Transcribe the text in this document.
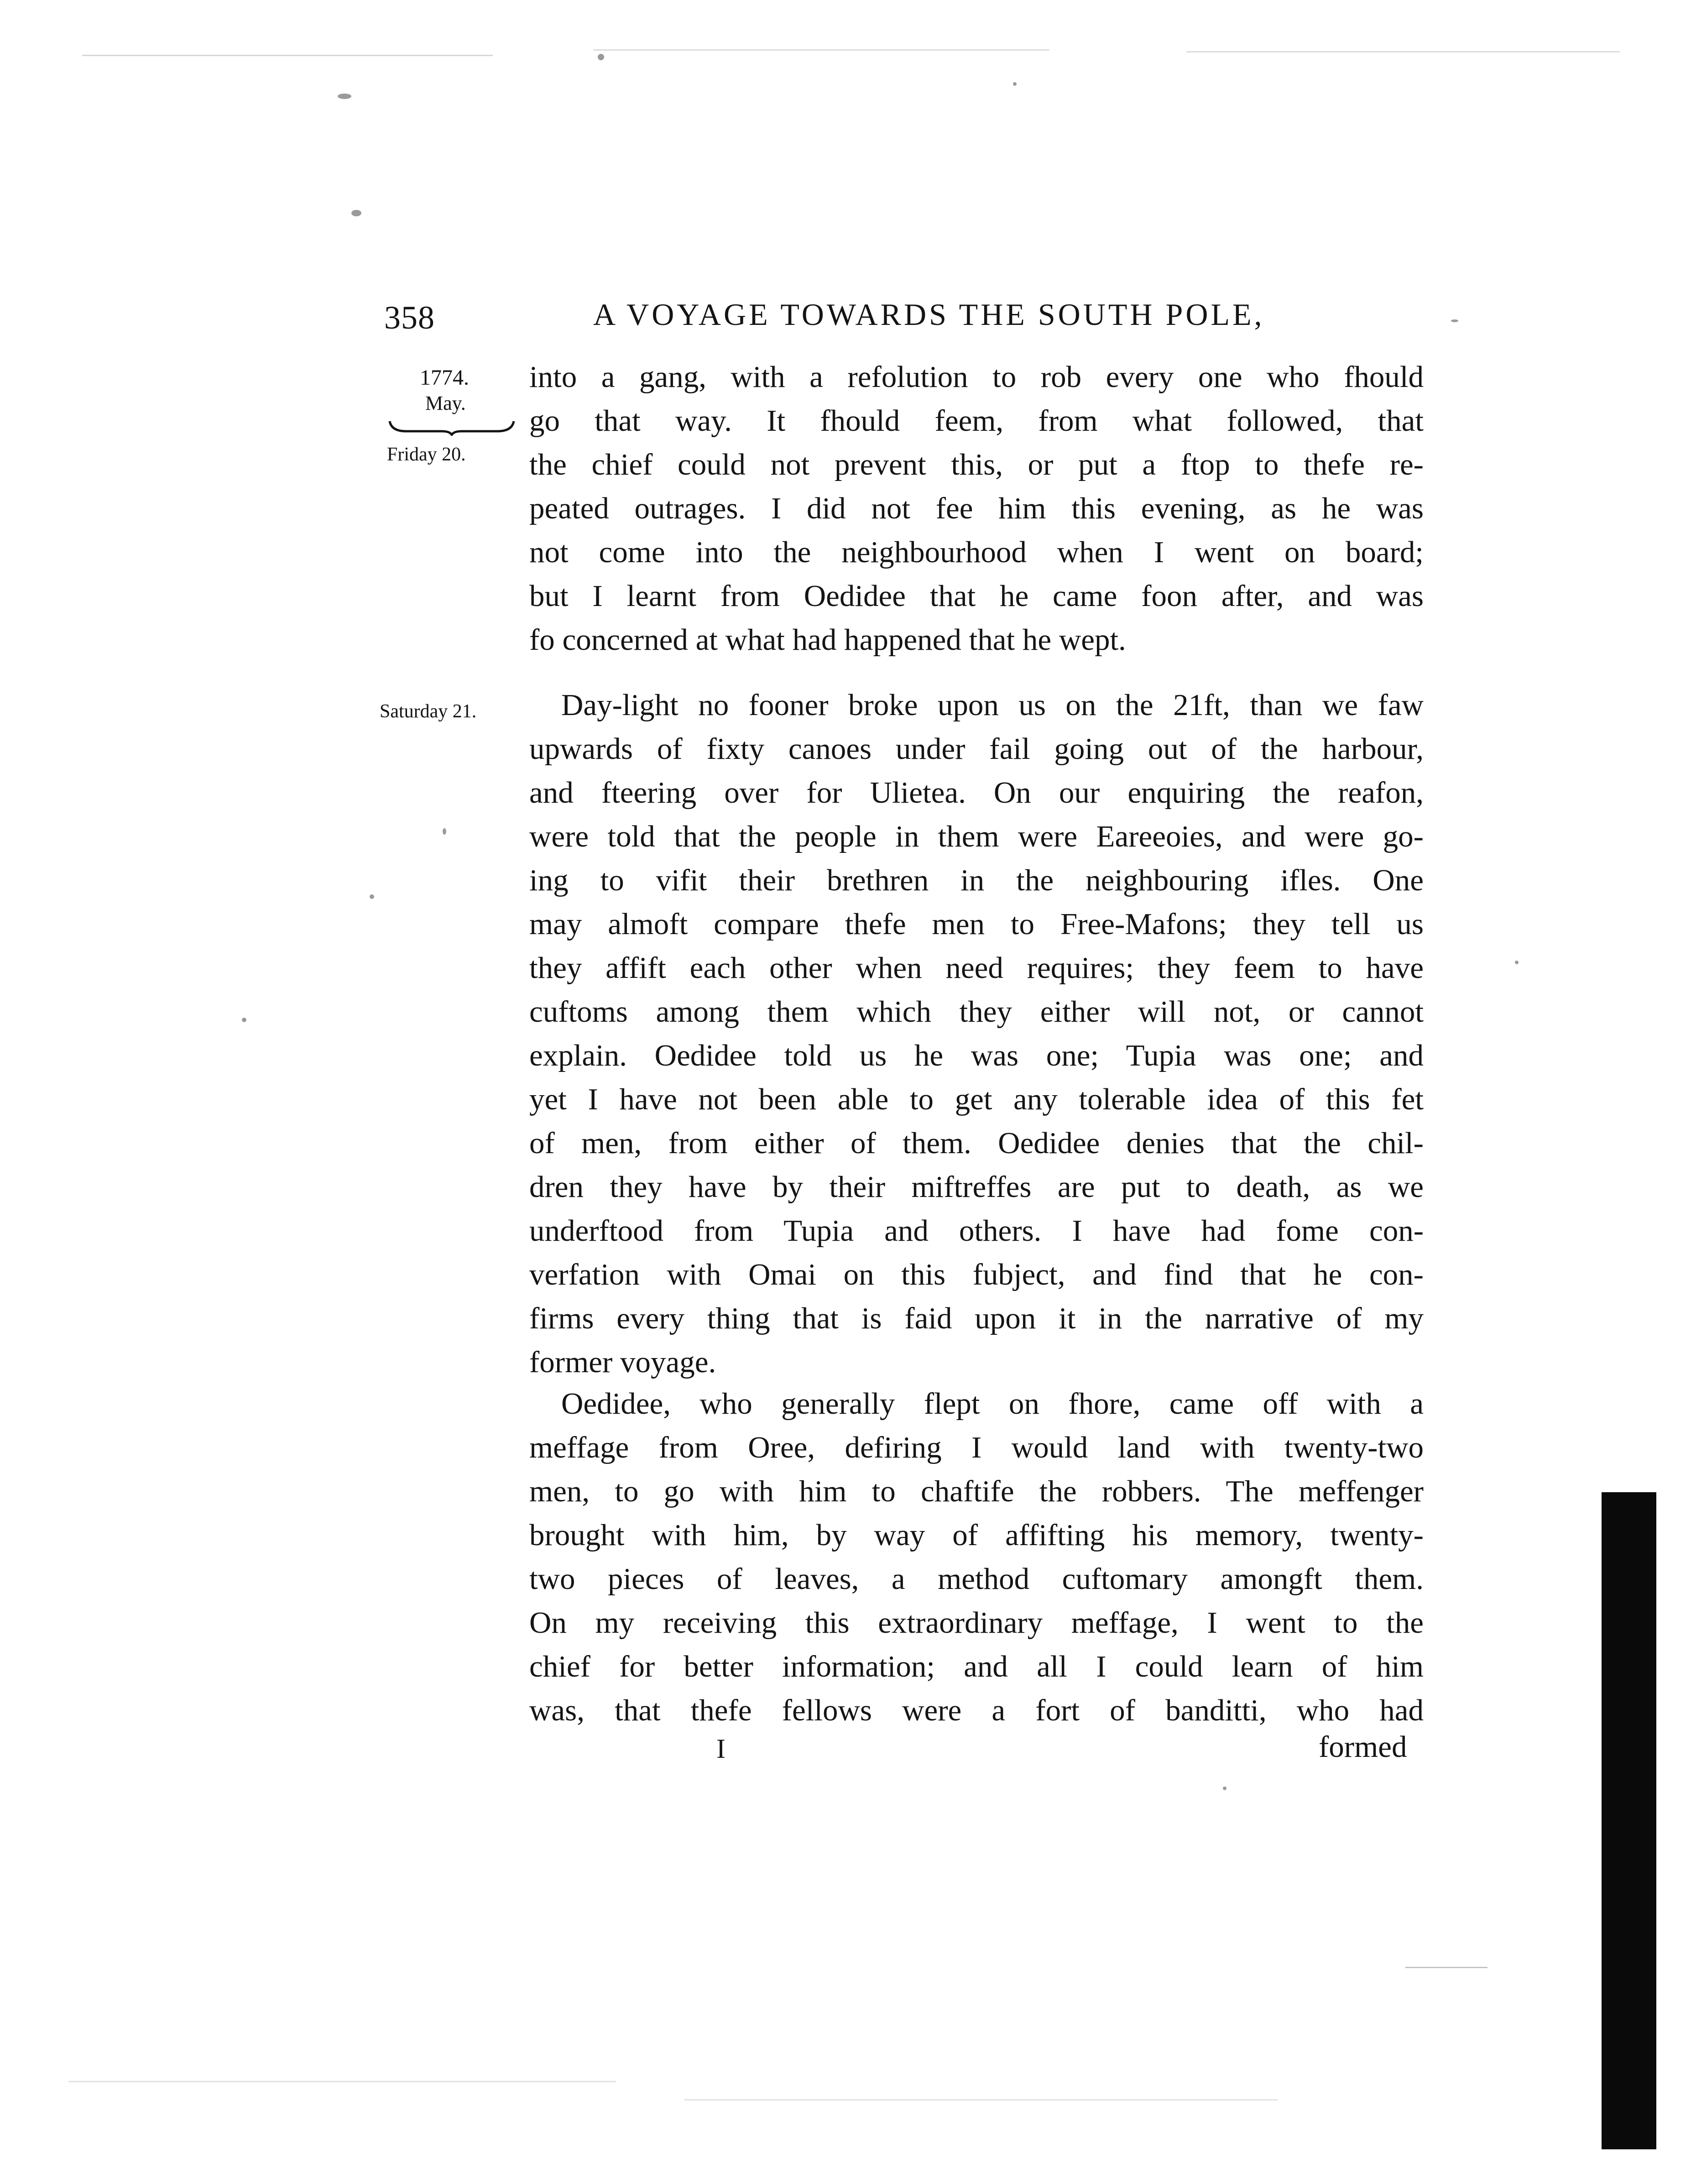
358	A VOYAGE TOWARDS THE SOUTH POLE,
1774.
May.
Friday 20.
Saturday 21.
into a gang, with a refolution to rob every one who fhould
go that way. It fhould feem, from what followed, that
the chief could not prevent this, or put a ftop to thefe re-
peated outrages. I did not fee him this evening, as he was
not come into the neighbourhood when I went on board;
but I learnt from Oedidee that he came foon after, and was
fo concerned at what had happened that he wept.
Day-light no fooner broke upon us on the 21ft, than we faw
upwards of fixty canoes under fail going out of the harbour,
and fteering over for Ulietea. On our enquiring the reafon,
were told that the people in them were Eareeoies, and were go-
ing to vifit their brethren in the neighbouring ifles. One
may almoft compare thefe men to Free-Mafons; they tell us
they affift each other when need requires; they feem to have
cuftoms among them which they either will not, or cannot
explain. Oedidee told us he was one; Tupia was one; and
yet I have not been able to get any tolerable idea of this fet
of men, from either of them. Oedidee denies that the chil-
dren they have by their miftreffes are put to death, as we
underftood from Tupia and others. I have had fome con-
verfation with Omai on this fubject, and find that he con-
firms every thing that is faid upon it in the narrative of my
former voyage.
Oedidee, who generally flept on fhore, came off with a
meffage from Oree, defiring I would land with twenty-two
men, to go with him to chaftife the robbers. The meffenger
brought with him, by way of affifting his memory, twenty-
two pieces of leaves, a method cuftomary amongft them.
On my receiving this extraordinary meffage, I went to the
chief for better information; and all I could learn of him
was, that thefe fellows were a fort of banditti, who had
I	formed
